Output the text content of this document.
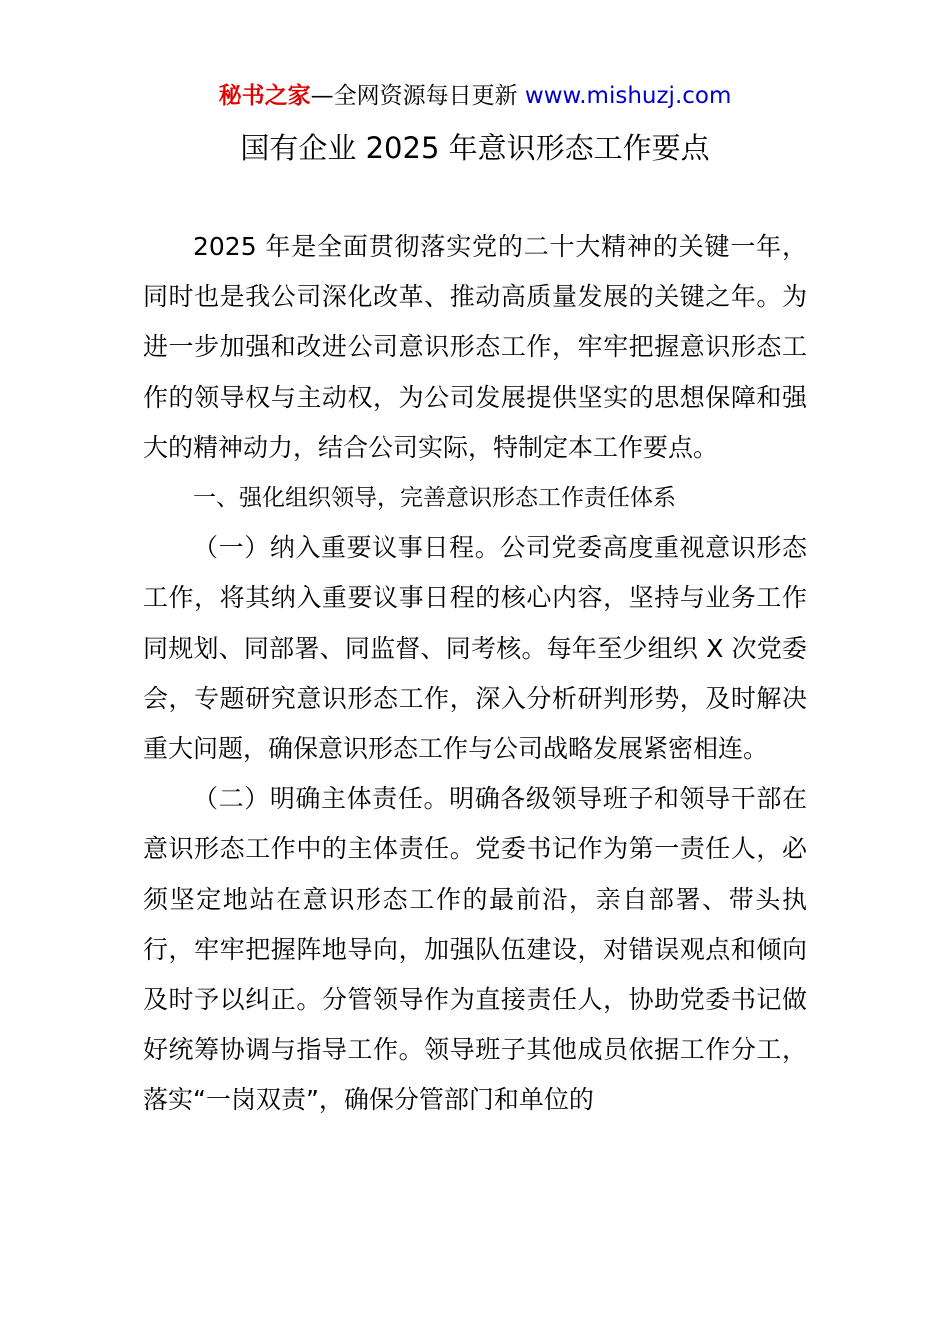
秘书之家—全网资源每日更新 www.mishuzj.com
国有企业 2025 年意识形态工作要点

2025 年是全面贯彻落实党的二十大精神的关键一年，同时也是我公司深化改革、推动高质量发展的关键之年。为进一步加强和改进公司意识形态工作，牢牢把握意识形态工作的领导权与主动权，为公司发展提供坚实的思想保障和强大的精神动力，结合公司实际，特制定本工作要点。

一、强化组织领导，完善意识形态工作责任体系

（一）纳入重要议事日程。公司党委高度重视意识形态工作，将其纳入重要议事日程的核心内容，坚持与业务工作同规划、同部署、同监督、同考核。每年至少组织 X 次党委会，专题研究意识形态工作，深入分析研判形势，及时解决重大问题，确保意识形态工作与公司战略发展紧密相连。

（二）明确主体责任。明确各级领导班子和领导干部在意识形态工作中的主体责任。党委书记作为第一责任人，必须坚定地站在意识形态工作的最前沿，亲自部署、带头执行，牢牢把握阵地导向，加强队伍建设，对错误观点和倾向及时予以纠正。分管领导作为直接责任人，协助党委书记做好统筹协调与指导工作。领导班子其他成员依据工作分工，落实“一岗双责”，确保分管部门和单位的
